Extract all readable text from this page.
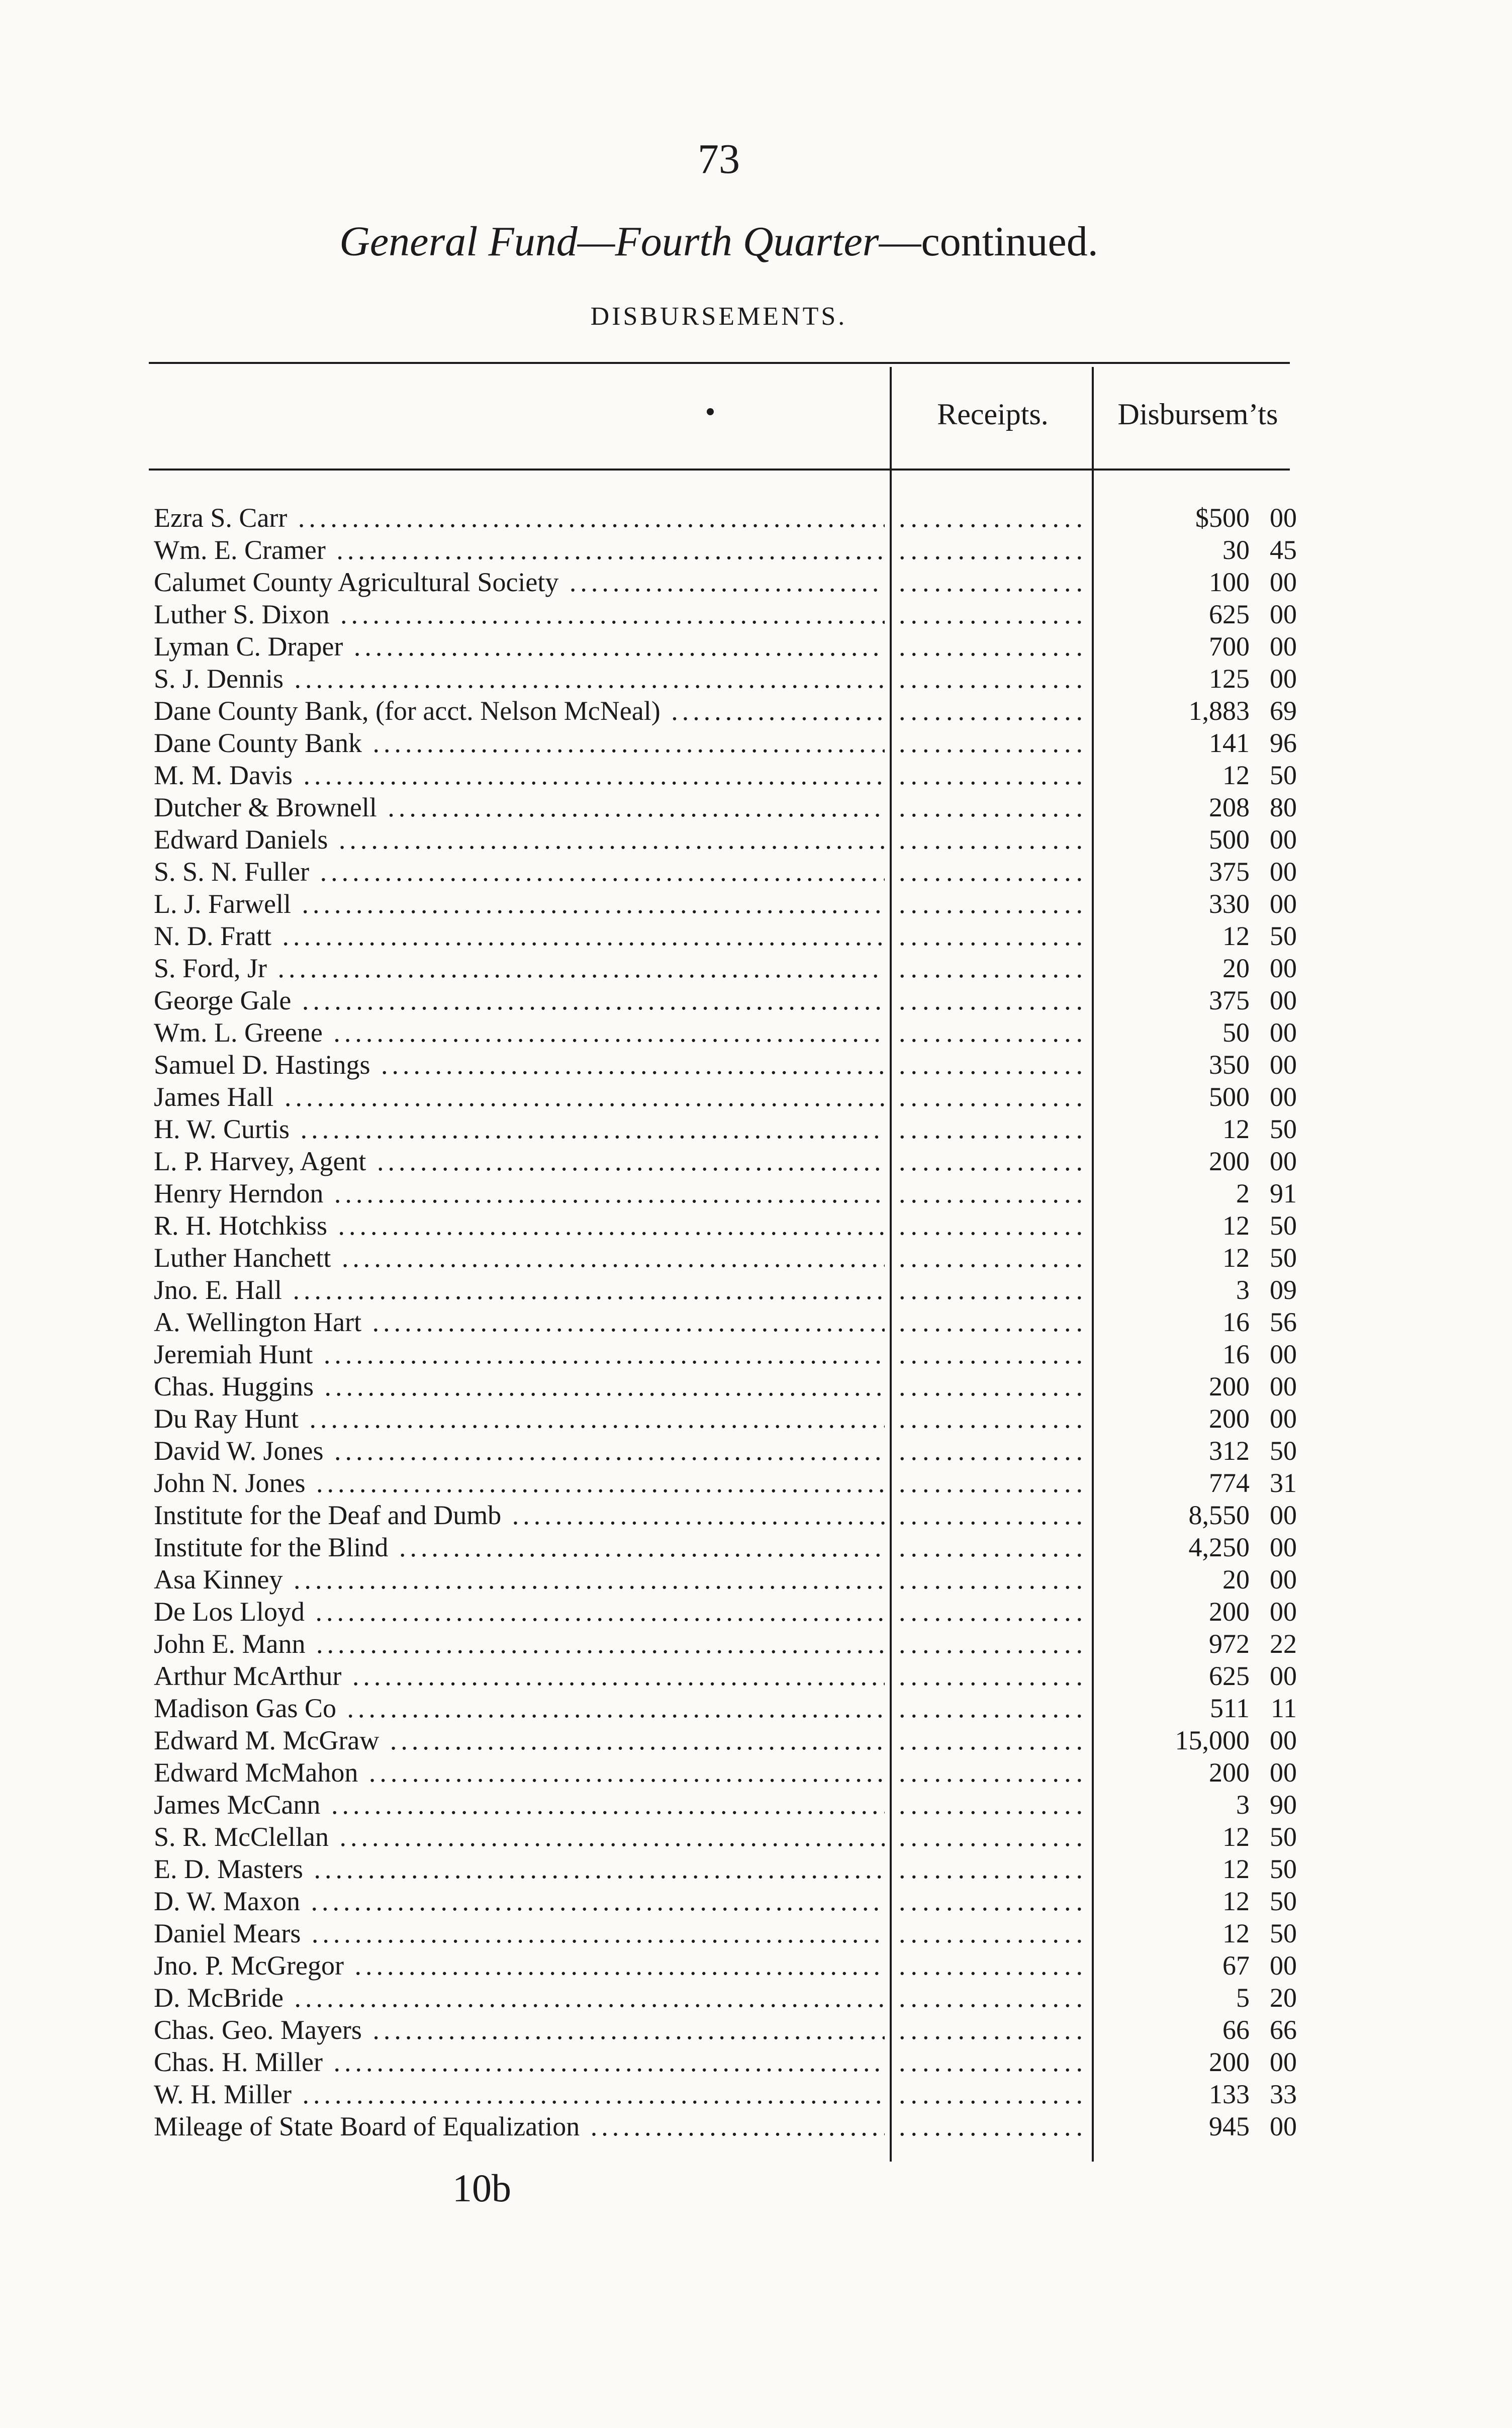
73
General Fund—Fourth Quarter—continued.
DISBURSEMENTS.
Receipts.	Disbursem’ts
Ezra S. Carr ..... .....	$500 00
Wm. E. Cramer ..... .....	30 45
Calumet County Agricultural Society ..... .....	100 00
Luther S. Dixon ..... .....	625 00
Lyman C. Draper ..... .....	700 00
S. J. Dennis ..... .....	125 00
Dane County Bank, (for acct. Nelson McNeal) ..... .....	1,883 69
Dane County Bank ..... .....	141 96
M. M. Davis ..... .....	12 50
Dutcher & Brownell ..... .....	208 80
Edward Daniels ..... .....	500 00
S. S. N. Fuller ..... .....	375 00
L. J. Farwell ..... .....	330 00
N. D. Fratt ..... .....	12 50
S. Ford, Jr ..... .....	20 00
George Gale ..... .....	375 00
Wm. L. Greene ..... .....	50 00
Samuel D. Hastings ..... .....	350 00
James Hall ..... .....	500 00
H. W. Curtis ..... .....	12 50
L. P. Harvey, Agent ..... .....	200 00
Henry Herndon ..... .....	2 91
R. H. Hotchkiss ..... .....	12 50
Luther Hanchett ..... .....	12 50
Jno. E. Hall ..... .....	3 09
A. Wellington Hart ..... .....	16 56
Jeremiah Hunt ..... .....	16 00
Chas. Huggins ..... .....	200 00
Du Ray Hunt ..... .....	200 00
David W. Jones ..... .....	312 50
John N. Jones ..... .....	774 31
Institute for the Deaf and Dumb ..... .....	8,550 00
Institute for the Blind ..... .....	4,250 00
Asa Kinney ..... .....	20 00
De Los Lloyd ..... .....	200 00
John E. Mann ..... .....	972 22
Arthur McArthur ..... .....	625 00
Madison Gas Co ..... .....	511 11
Edward M. McGraw ..... .....	15,000 00
Edward McMahon ..... .....	200 00
James McCann ..... .....	3 90
S. R. McClellan ..... .....	12 50
E. D. Masters ..... .....	12 50
D. W. Maxon ..... .....	12 50
Daniel Mears ..... .....	12 50
Jno. P. McGregor ..... .....	67 00
D. McBride ..... .....	5 20
Chas. Geo. Mayers ..... .....	66 66
Chas. H. Miller ..... .....	200 00
W. H. Miller ..... .....	133 33
Mileage of State Board of Equalization ..... .....	945 00
10b
